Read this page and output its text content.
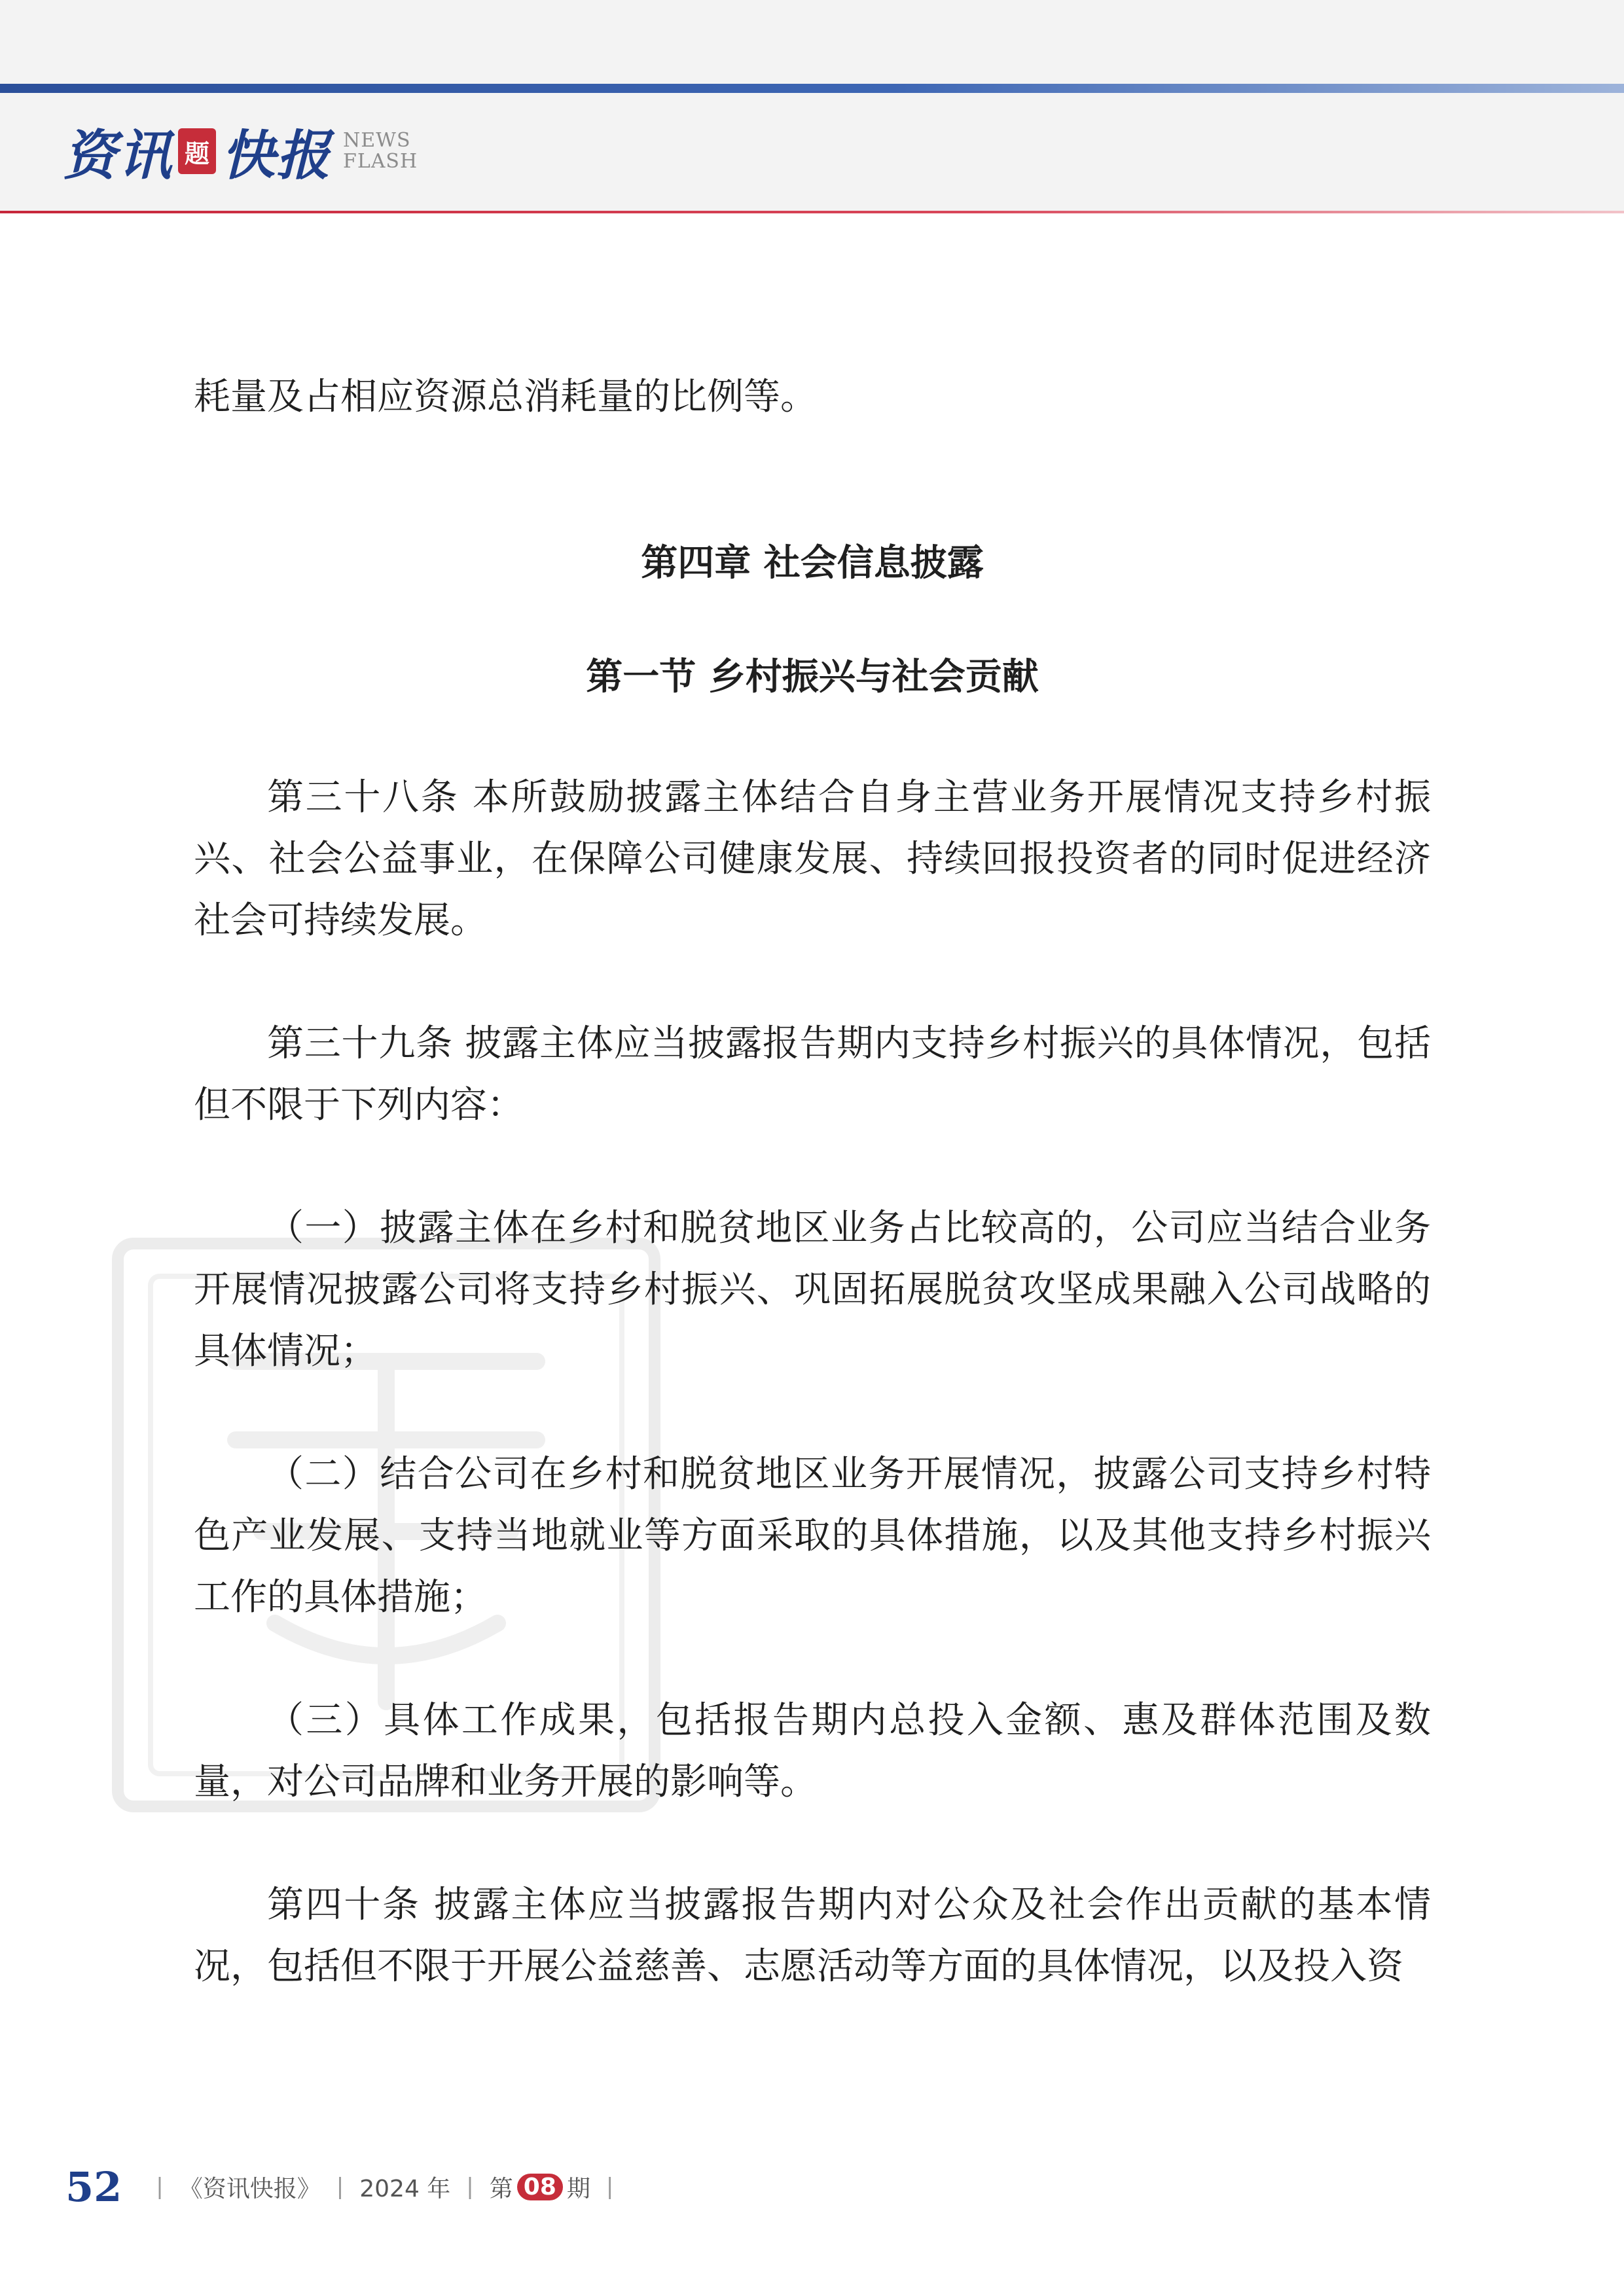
资讯 题 快报 NEWS
FLASH

耗量及占相应资源总消耗量的比例等。

第四章 社会信息披露

第一节 乡村振兴与社会贡献

第三十八条 本所鼓励披露主体结合自身主营业务开展情况支持乡村振兴、社会公益事业，在保障公司健康发展、持续回报投资者的同时促进经济社会可持续发展。

第三十九条 披露主体应当披露报告期内支持乡村振兴的具体情况，包括但不限于下列内容：

（一）披露主体在乡村和脱贫地区业务占比较高的，公司应当结合业务开展情况披露公司将支持乡村振兴、巩固拓展脱贫攻坚成果融入公司战略的具体情况；

（二）结合公司在乡村和脱贫地区业务开展情况，披露公司支持乡村特色产业发展、支持当地就业等方面采取的具体措施，以及其他支持乡村振兴工作的具体措施；

（三）具体工作成果，包括报告期内总投入金额、惠及群体范围及数量，对公司品牌和业务开展的影响等。

第四十条 披露主体应当披露报告期内对公众及社会作出贡献的基本情况，包括但不限于开展公益慈善、志愿活动等方面的具体情况，以及投入资

52 | 《资讯快报》 | 2024 年 | 第 08 期 |
